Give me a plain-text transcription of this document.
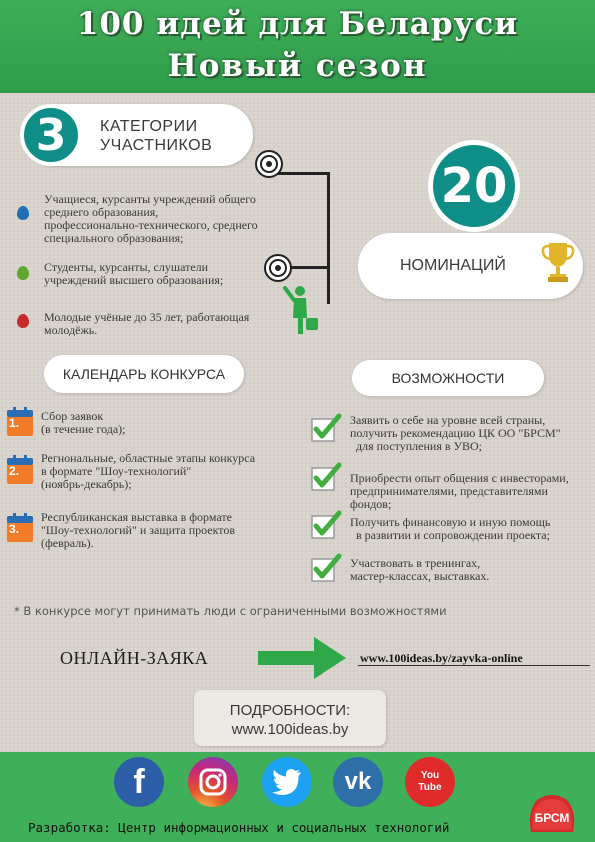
100 идей для Беларуси
Новый сезон
3	КАТЕГОРИИ
УЧАСТНИКОВ
Учащиеся, курсанты учреждений общего
среднего образования,
профессионально-технического, среднего
специального образования;
Студенты, курсанты, слушатели
учреждений высшего образования;
Молодые учёные до 35 лет, работающая
молодёжь.
20
НОМИНАЦИЙ
КАЛЕНДАРЬ КОНКУРСА
1. Сбор заявок
(в течение года);
2.
Регнональные, областные этапы конкурса
в формате "Шоу-технологий"
(ноябрь-декабрь);
3.
Республиканская выставка в формате
"Шоу-технологий" и защита проектов
(февраль).
ВОЗМОЖНОСТИ
Заявить о себе на уровне всей страны,
получить рекомендацию ЦК ОО "БРСМ"
для поступления в УВО;
Приобрести опыт общения с инвесторами,
предпринимателями, представителями
фондов;
Получить финансовую и иную помощь
в развитии и сопровождении проекта;
Участвовать в тренингах,
мастер-классах, выставках.
* В конкурсе могут принимать люди с ограниченными возможностями
ОНЛАЙН-ЗАЯКА	www.100ideas.by/zayvka-online
ПОДРОБНОСТИ:
www.100ideas.by
f	vk	You Tube
БРСМ
Разработка: Центр информационных и социальных технологий
